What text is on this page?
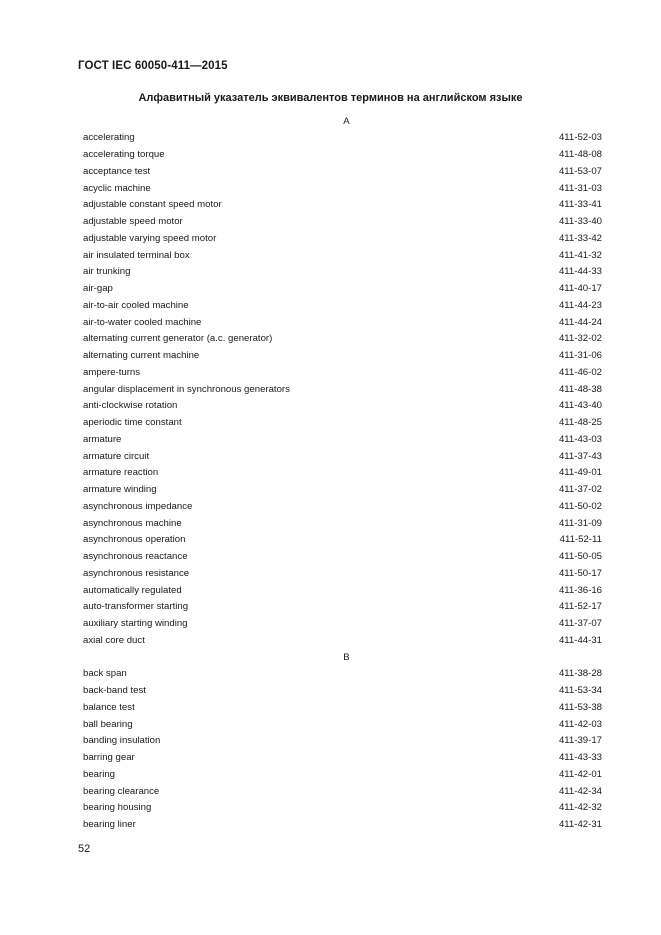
ГОСТ IEC 60050-411—2015
Алфавитный указатель эквивалентов терминов на английском языке
A
accelerating	411-52-03
accelerating torque	411-48-08
acceptance test	411-53-07
acyclic machine	411-31-03
adjustable constant speed motor	411-33-41
adjustable speed motor	411-33-40
adjustable varying speed motor	411-33-42
air insulated terminal box	411-41-32
air trunking	411-44-33
air-gap	411-40-17
air-to-air cooled machine	411-44-23
air-to-water cooled machine	411-44-24
alternating current generator (a.c. generator)	411-32-02
alternating current machine	411-31-06
ampere-turns	411-46-02
angular displacement in synchronous generators	411-48-38
anti-clockwise rotation	411-43-40
aperiodic time constant	411-48-25
armature	411-43-03
armature circuit	411-37-43
armature reaction	411-49-01
armature winding	411-37-02
asynchronous impedance	411-50-02
asynchronous machine	411-31-09
asynchronous operation	411-52-11
asynchronous reactance	411-50-05
asynchronous resistance	411-50-17
automatically regulated	411-36-16
auto-transformer starting	411-52-17
auxiliary starting winding	411-37-07
axial core duct	411-44-31
B
back span	411-38-28
back-band test	411-53-34
balance test	411-53-38
ball bearing	411-42-03
banding insulation	411-39-17
barring gear	411-43-33
bearing	411-42-01
bearing clearance	411-42-34
bearing housing	411-42-32
bearing liner	411-42-31
52
